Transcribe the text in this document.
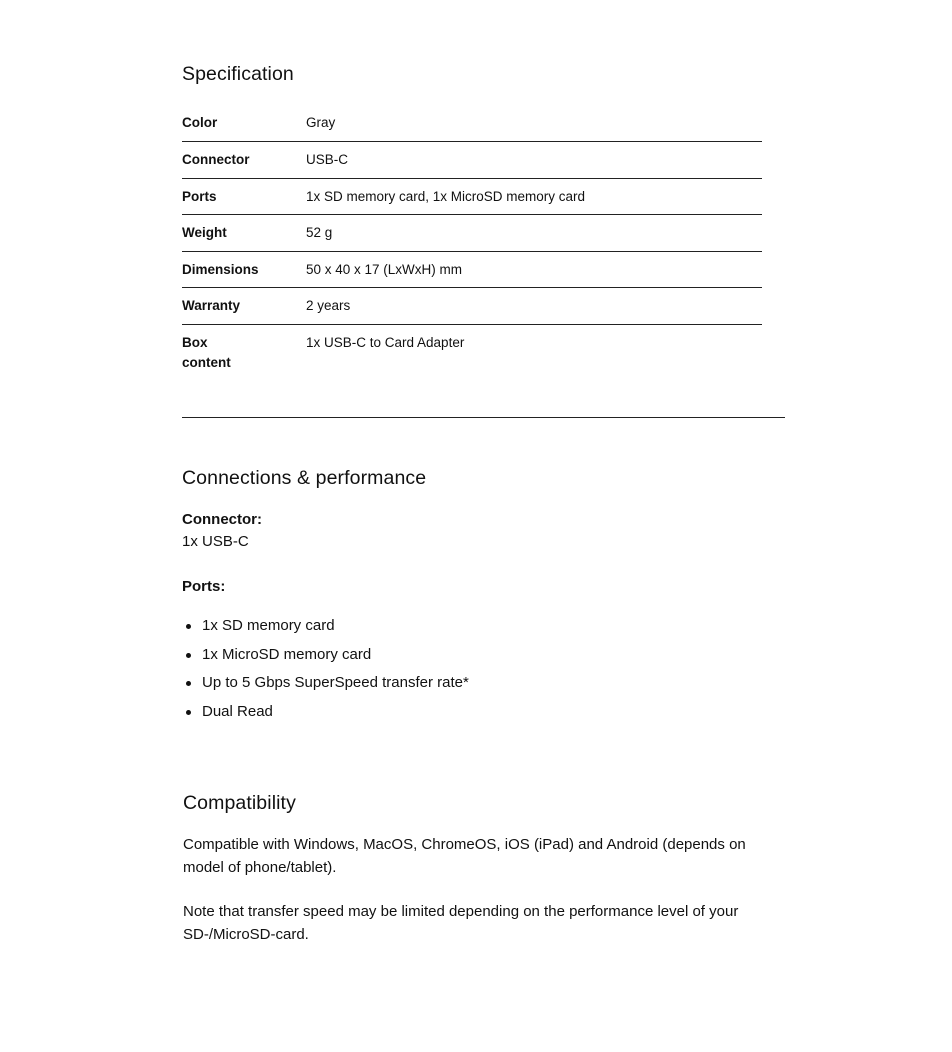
Specification
Color	Gray
Connector	USB-C
Ports	1x SD memory card, 1x MicroSD memory card
Weight	52 g
Dimensions	50 x 40 x 17 (LxWxH) mm
Warranty	2 years
Box content	1x USB-C to Card Adapter
Connections & performance
Connector:
1x USB-C
Ports:
1x SD memory card
1x MicroSD memory card
Up to 5 Gbps SuperSpeed transfer rate*
Dual Read
Compatibility

Compatible with Windows, MacOS, ChromeOS, iOS (iPad) and Android (depends on model of phone/tablet).

Note that transfer speed may be limited depending on the performance level of your SD-/MicroSD-card.
